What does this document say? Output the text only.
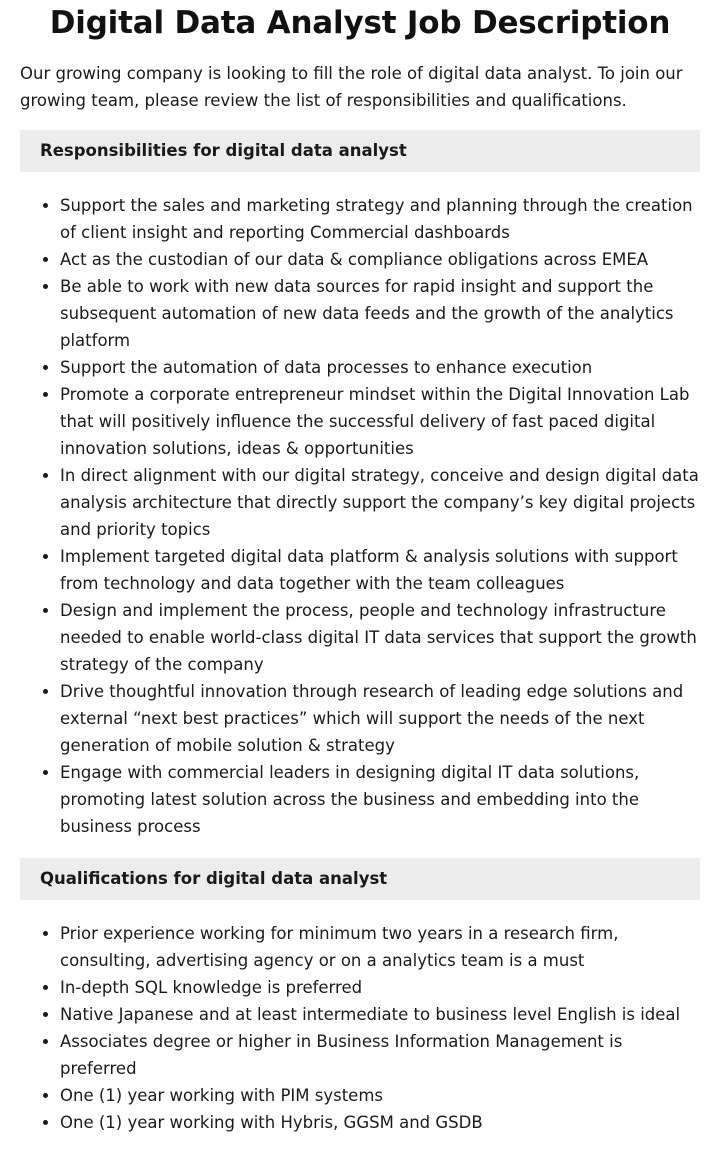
Digital Data Analyst Job Description

Our growing company is looking to fill the role of digital data analyst. To join our growing team, please review the list of responsibilities and qualifications.

Responsibilities for digital data analyst
• Support the sales and marketing strategy and planning through the creation of client insight and reporting Commercial dashboards
• Act as the custodian of our data & compliance obligations across EMEA
• Be able to work with new data sources for rapid insight and support the subsequent automation of new data feeds and the growth of the analytics platform
• Support the automation of data processes to enhance execution
• Promote a corporate entrepreneur mindset within the Digital Innovation Lab that will positively influence the successful delivery of fast paced digital innovation solutions, ideas & opportunities
• In direct alignment with our digital strategy, conceive and design digital data analysis architecture that directly support the company’s key digital projects and priority topics
• Implement targeted digital data platform & analysis solutions with support from technology and data together with the team colleagues
• Design and implement the process, people and technology infrastructure needed to enable world-class digital IT data services that support the growth strategy of the company
• Drive thoughtful innovation through research of leading edge solutions and external “next best practices” which will support the needs of the next generation of mobile solution & strategy
• Engage with commercial leaders in designing digital IT data solutions, promoting latest solution across the business and embedding into the business process
Qualifications for digital data analyst
• Prior experience working for minimum two years in a research firm, consulting, advertising agency or on a analytics team is a must
• In-depth SQL knowledge is preferred
• Native Japanese and at least intermediate to business level English is ideal
• Associates degree or higher in Business Information Management is preferred
• One (1) year working with PIM systems
• One (1) year working with Hybris, GGSM and GSDB
